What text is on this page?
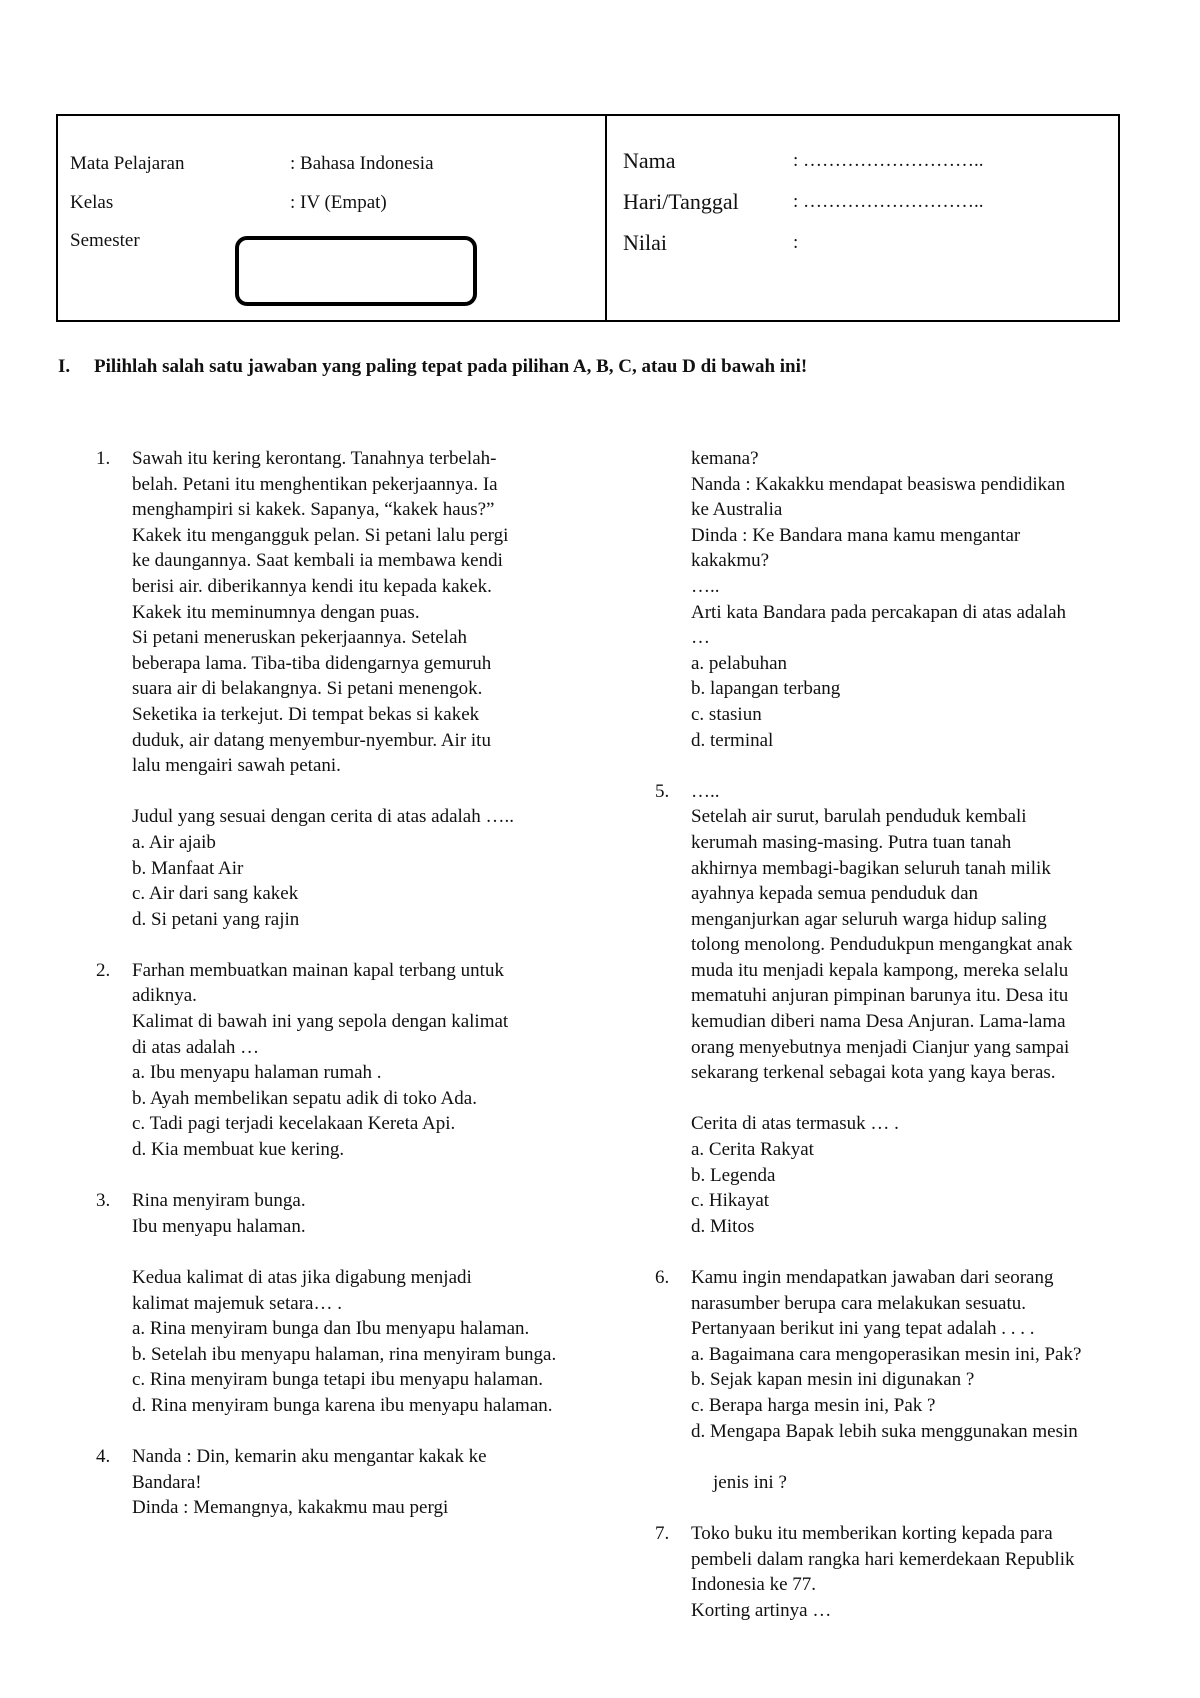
Mata Pelajaran	: Bahasa Indonesia
Kelas	: IV (Empat)
Semester
Nama	: ………………………..
Hari/Tanggal	: ………………………..
Nilai	:
I. Pilihlah salah satu jawaban yang paling tepat pada pilihan A, B, C, atau D di bawah ini!
1. Sawah itu kering kerontang. Tanahnya terbelah-
belah. Petani itu menghentikan pekerjaannya. Ia
menghampiri si kakek. Sapanya, “kakek haus?”
Kakek itu mengangguk pelan. Si petani lalu pergi
ke daungannya. Saat kembali ia membawa kendi
berisi air. diberikannya kendi itu kepada kakek.
Kakek itu meminumnya dengan puas.
Si petani meneruskan pekerjaannya. Setelah
beberapa lama. Tiba-tiba didengarnya gemuruh
suara air di belakangnya. Si petani menengok.
Seketika ia terkejut. Di tempat bekas si kakek
duduk, air datang menyembur-nyembur. Air itu
lalu mengairi sawah petani.
Judul yang sesuai dengan cerita di atas adalah …..
a. Air ajaib
b. Manfaat Air
c. Air dari sang kakek
d. Si petani yang rajin
2. Farhan membuatkan mainan kapal terbang untuk
adiknya.
Kalimat di bawah ini yang sepola dengan kalimat
di atas adalah …
a. Ibu menyapu halaman rumah .
b. Ayah membelikan sepatu adik di toko Ada.
c. Tadi pagi terjadi kecelakaan Kereta Api.
d. Kia membuat kue kering.
3. Rina menyiram bunga.
Ibu menyapu halaman.
Kedua kalimat di atas jika digabung menjadi
kalimat majemuk setara… .
a. Rina menyiram bunga dan Ibu menyapu halaman.
b. Setelah ibu menyapu halaman, rina menyiram bunga.
c. Rina menyiram bunga tetapi ibu menyapu halaman.
d. Rina menyiram bunga karena ibu menyapu halaman.
4. Nanda : Din, kemarin aku mengantar kakak ke
Bandara!
Dinda : Memangnya, kakakmu mau pergi
kemana?
Nanda : Kakakku mendapat beasiswa pendidikan
ke Australia
Dinda : Ke Bandara mana kamu mengantar
kakakmu?
…..
Arti kata Bandara pada percakapan di atas adalah
…
a. pelabuhan
b. lapangan terbang
c. stasiun
d. terminal
5. …..
Setelah air surut, barulah penduduk kembali
kerumah masing-masing. Putra tuan tanah
akhirnya membagi-bagikan seluruh tanah milik
ayahnya kepada semua penduduk dan
menganjurkan agar seluruh warga hidup saling
tolong menolong. Pendudukpun mengangkat anak
muda itu menjadi kepala kampong, mereka selalu
mematuhi anjuran pimpinan barunya itu. Desa itu
kemudian diberi nama Desa Anjuran. Lama-lama
orang menyebutnya menjadi Cianjur yang sampai
sekarang terkenal sebagai kota yang kaya beras.
Cerita di atas termasuk … .
a. Cerita Rakyat
b. Legenda
c. Hikayat
d. Mitos
6. Kamu ingin mendapatkan jawaban dari seorang
narasumber berupa cara melakukan sesuatu.
Pertanyaan berikut ini yang tepat adalah . . . .
a. Bagaimana cara mengoperasikan mesin ini, Pak?
b. Sejak kapan mesin ini digunakan ?
c. Berapa harga mesin ini, Pak ?
d. Mengapa Bapak lebih suka menggunakan mesin
jenis ini ?
7. Toko buku itu memberikan korting kepada para
pembeli dalam rangka hari kemerdekaan Republik
Indonesia ke 77.
Korting artinya …
